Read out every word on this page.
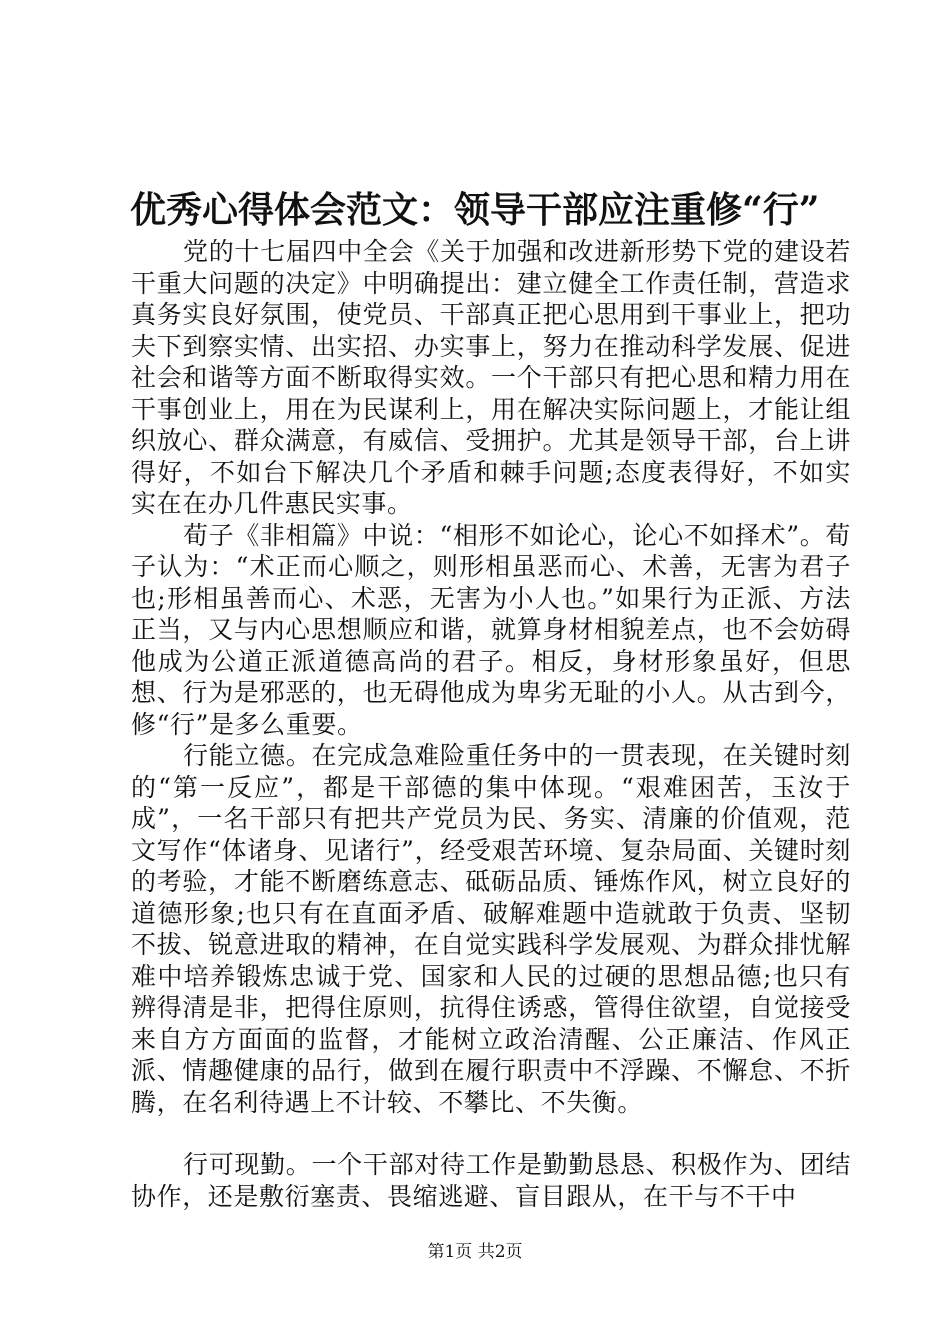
优秀心得体会范文：领导干部应注重修“行”

党的十七届四中全会《关于加强和改进新形势下党的建设若干重大问题的决定》中明确提出：建立健全工作责任制，营造求真务实良好氛围，使党员、干部真正把心思用到干事业上，把功夫下到察实情、出实招、办实事上，努力在推动科学发展、促进社会和谐等方面不断取得实效。一个干部只有把心思和精力用在干事创业上，用在为民谋利上，用在解决实际问题上，才能让组织放心、群众满意，有威信、受拥护。尤其是领导干部，台上讲得好，不如台下解决几个矛盾和棘手问题;态度表得好，不如实实在在办几件惠民实事。

荀子《非相篇》中说：“相形不如论心，论心不如择术”。荀子认为：“术正而心顺之，则形相虽恶而心、术善，无害为君子也;形相虽善而心、术恶，无害为小人也。”如果行为正派、方法正当，又与内心思想顺应和谐，就算身材相貌差点，也不会妨碍他成为公道正派道德高尚的君子。相反，身材形象虽好，但思想、行为是邪恶的，也无碍他成为卑劣无耻的小人。从古到今，修“行”是多么重要。

行能立德。在完成急难险重任务中的一贯表现，在关键时刻的“第一反应”，都是干部德的集中体现。“艰难困苦，玉汝于成”，一名干部只有把共产党员为民、务实、清廉的价值观，范文写作“体诸身、见诸行”，经受艰苦环境、复杂局面、关键时刻的考验，才能不断磨练意志、砥砺品质、锤炼作风，树立良好的道德形象;也只有在直面矛盾、破解难题中造就敢于负责、坚韧不拔、锐意进取的精神，在自觉实践科学发展观、为群众排忧解难中培养锻炼忠诚于党、国家和人民的过硬的思想品德;也只有辨得清是非，把得住原则，抗得住诱惑，管得住欲望，自觉接受来自方方面面的监督，才能树立政治清醒、公正廉洁、作风正派、情趣健康的品行，做到在履行职责中不浮躁、不懈怠、不折腾，在名利待遇上不计较、不攀比、不失衡。

行可现勤。一个干部对待工作是勤勤恳恳、积极作为、团结协作，还是敷衍塞责、畏缩逃避、盲目跟从，在干与不干中

第1页 共2页
